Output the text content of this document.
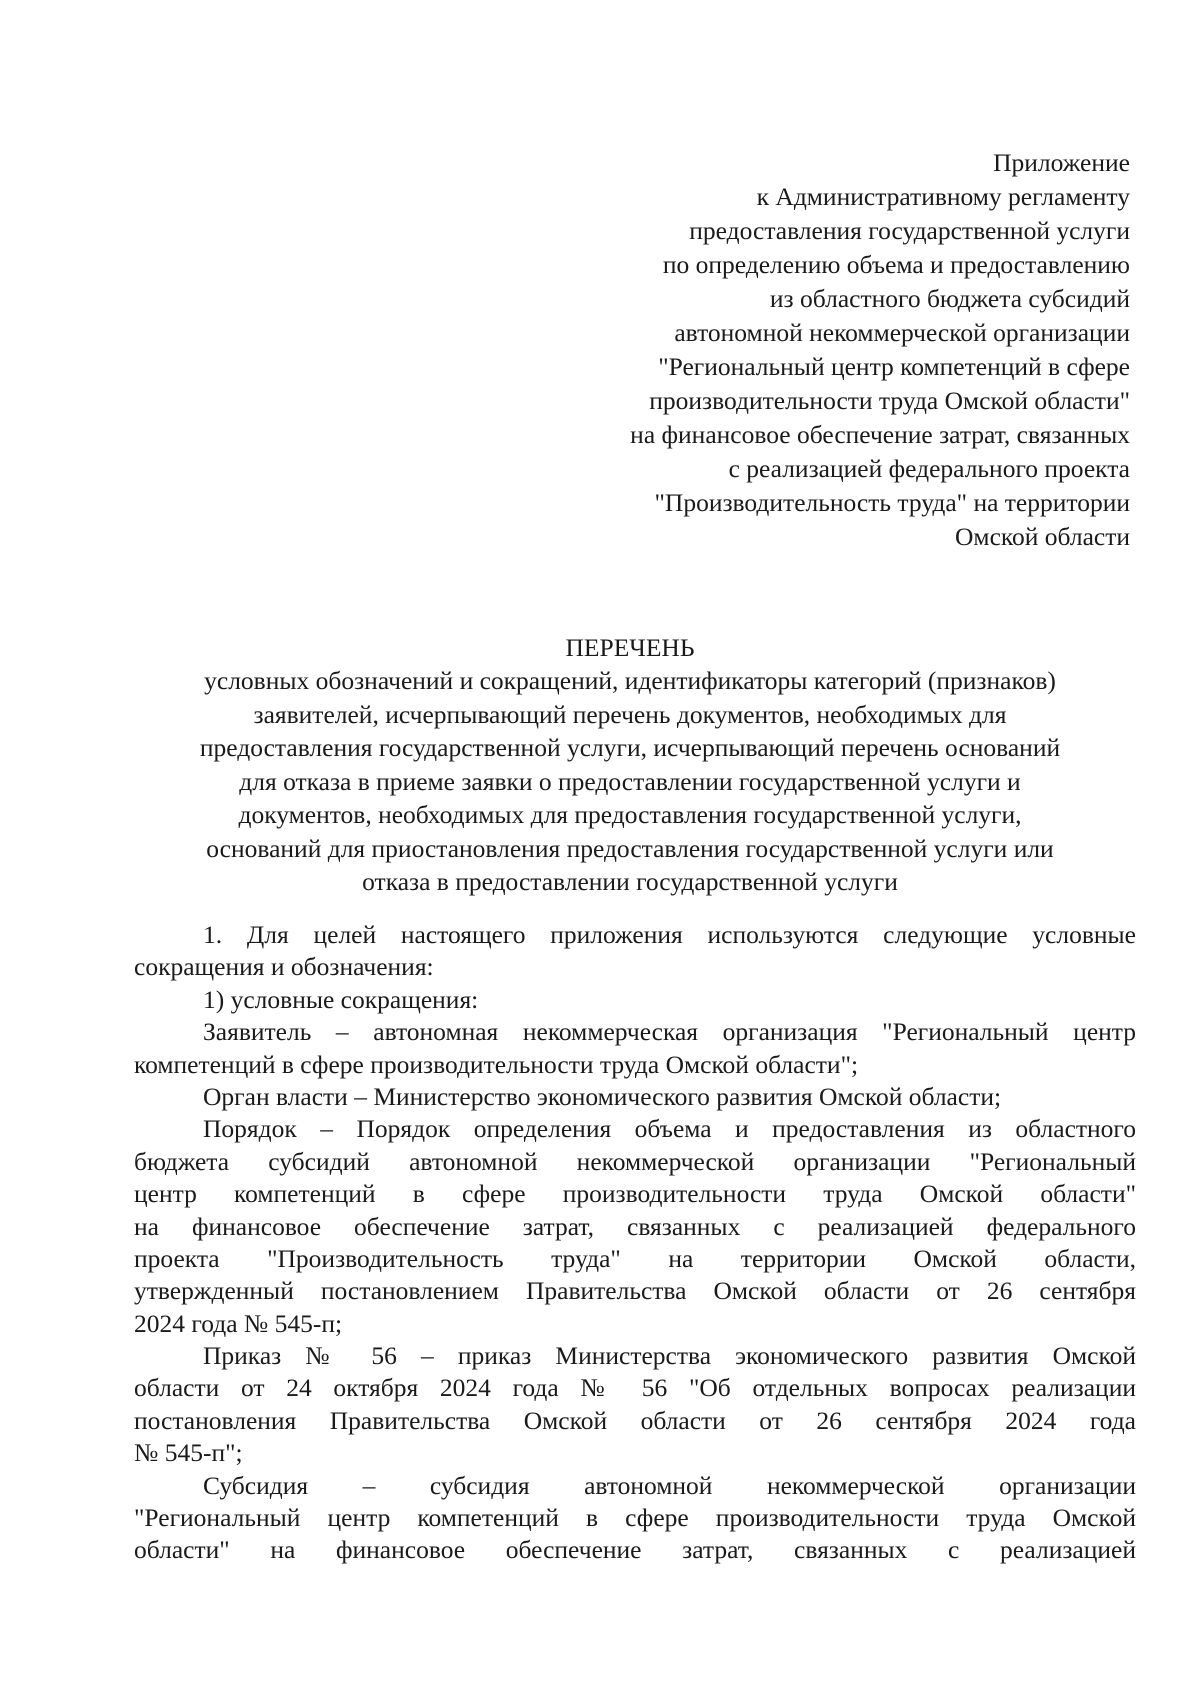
Приложение
к Административному регламенту
предоставления государственной услуги
по определению объема и предоставлению
из областного бюджета субсидий
автономной некоммерческой организации
"Региональный центр компетенций в сфере
производительности труда Омской области"
на финансовое обеспечение затрат, связанных
с реализацией федерального проекта
"Производительность труда" на территории
Омской области
ПЕРЕЧЕНЬ
условных обозначений и сокращений, идентификаторы категорий (признаков)
заявителей, исчерпывающий перечень документов, необходимых для
предоставления государственной услуги, исчерпывающий перечень оснований
для отказа в приеме заявки о предоставлении государственной услуги и
документов, необходимых для предоставления государственной услуги,
оснований для приостановления предоставления государственной услуги или
отказа в предоставлении государственной услуги
1. Для целей настоящего приложения используются следующие условные
сокращения и обозначения:
1) условные сокращения:
Заявитель – автономная некоммерческая организация "Региональный центр
компетенций в сфере производительности труда Омской области";
Орган власти – Министерство экономического развития Омской области;
Порядок – Порядок определения объема и предоставления из областного
бюджета субсидий автономной некоммерческой организации "Региональный
центр компетенций в сфере производительности труда Омской области"
на финансовое обеспечение затрат, связанных с реализацией федерального
проекта "Производительность труда" на территории Омской области,
утвержденный постановлением Правительства Омской области от 26 сентября
2024 года № 545-п;
Приказ № 56 – приказ Министерства экономического развития Омской
области от 24 октября 2024 года № 56 "Об отдельных вопросах реализации
постановления Правительства Омской области от 26 сентября 2024 года
№ 545-п";
Субсидия – субсидия автономной некоммерческой организации
"Региональный центр компетенций в сфере производительности труда Омской
области" на финансовое обеспечение затрат, связанных с реализацией
